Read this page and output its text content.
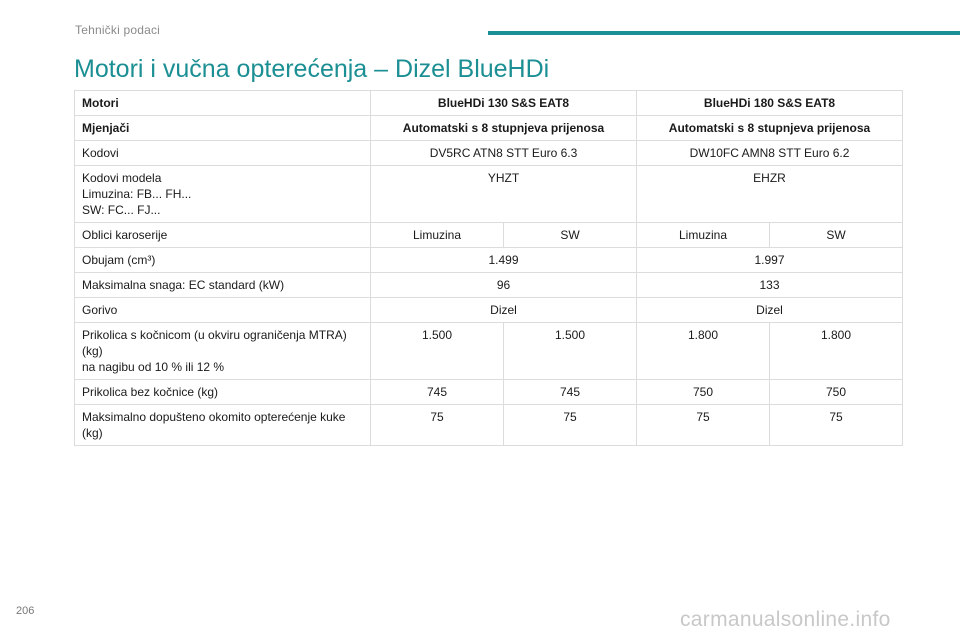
Tehnički podaci
Motori i vučna opterećenja – Dizel BlueHDi
Motori	BlueHDi 130 S&S EAT8		BlueHDi 180 S&S EAT8	
Mjenjači	Automatski s 8 stupnjeva prijenosa		Automatski s 8 stupnjeva prijenosa	
Kodovi	DV5RC ATN8 STT Euro 6.3		DW10FC AMN8 STT Euro 6.2	

Kodovi modela
Limuzina: FB... FH...
SW: FC... FJ...	YHZT		EHZR	
Oblici karoserije	Limuzina	SW	Limuzina	SW
Obujam (cm³)	1.499		1.997	
Maksimalna snaga: EC standard (kW)	96		133	
Gorivo	Dizel		Dizel	

Prikolica s kočnicom (u okviru ograničenja MTRA)
(kg)
na nagibu od 10 % ili 12 %	1.500	1.500	1.800	1.800
Prikolica bez kočnice (kg)	745	745	750	750

Maksimalno dopušteno okomito opterećenje kuke
(kg)	75	75	75	75
206	carmanualsonline.info
